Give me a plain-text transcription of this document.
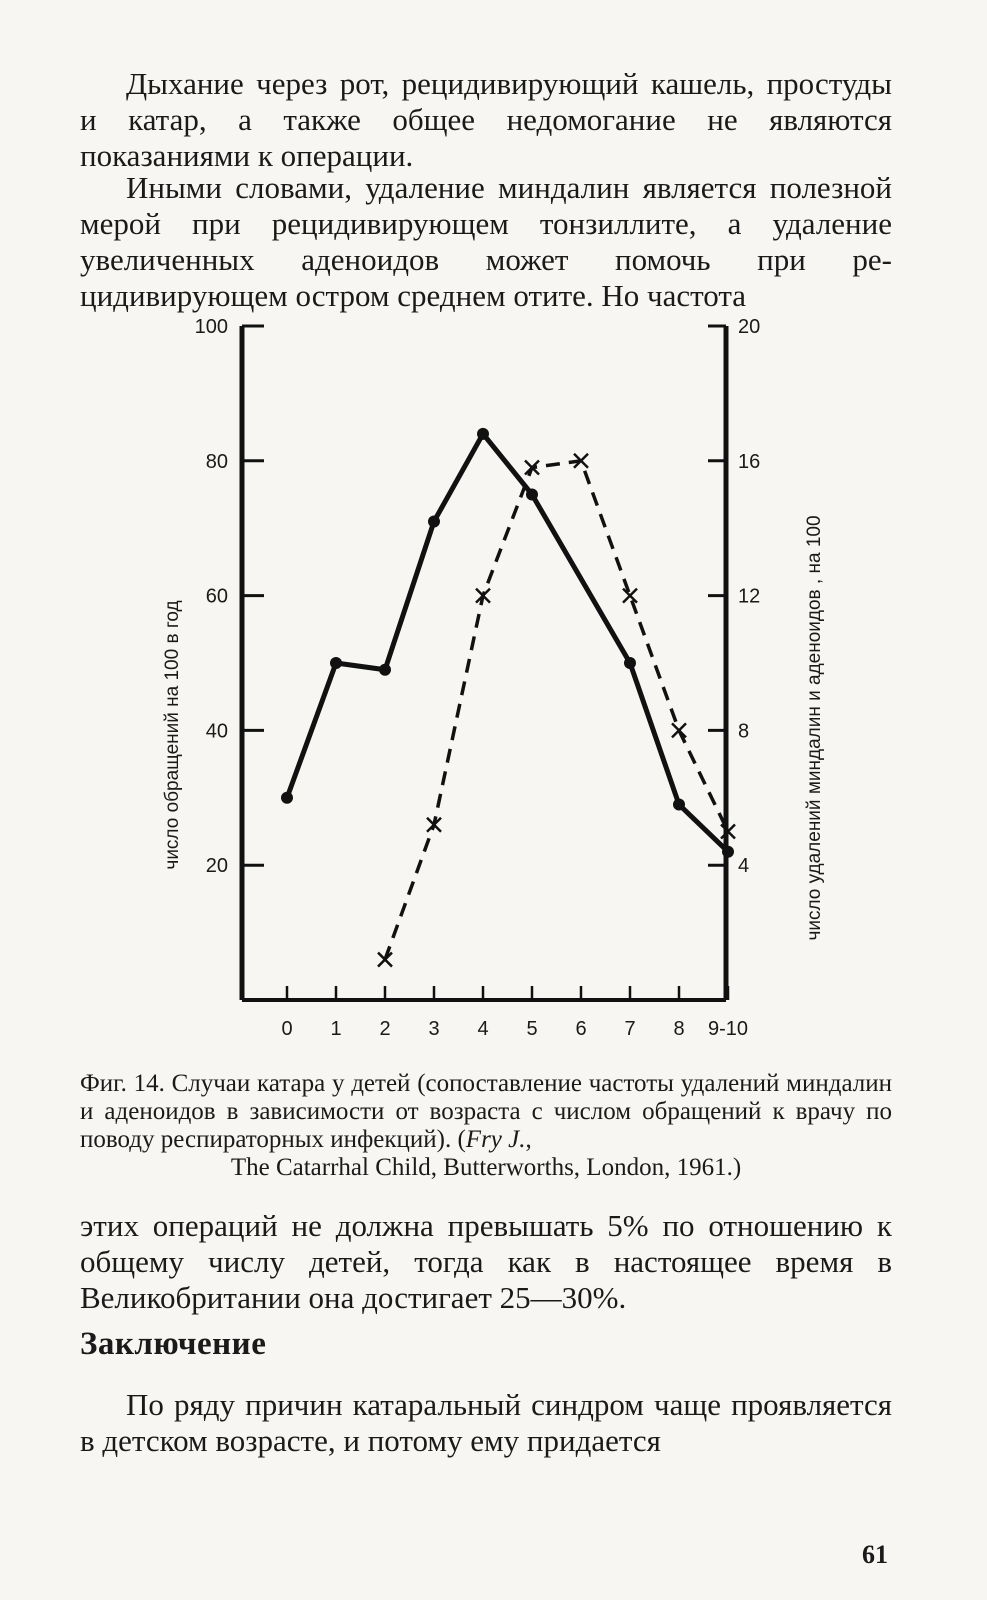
Дыхание через рот, рецидивирующий кашель, простуды и катар, а также общее недомогание не являются показаниями к операции.

Иными словами, удаление миндалин является полезной мерой при рецидивирующем тонзиллите, а удаление увеличенных аденоидов может помочь при рецидивирующем остром среднем отите. Но частота

20
40
60
80
100
4
8
12
16
20
0 1 2 3 4 5 6 7 8 9-10
число обращений на 100 в год	число удалений миндалин и аденоидов , на 100

Фиг. 14. Случаи катара у детей (сопоставление частоты удалений миндалин и аденоидов в зависимости от возраста с числом обращений к врачу по поводу респираторных инфекций). (Fry J.,
The Catarrhal Child, Butterworths, London, 1961.)

этих операций не должна превышать 5% по отношению к общему числу детей, тогда как в настоящее время в Великобритании она достигает 25—30%.

Заключение

По ряду причин катаральный синдром чаще проявляется в детском возрасте, и потому ему придается

61
